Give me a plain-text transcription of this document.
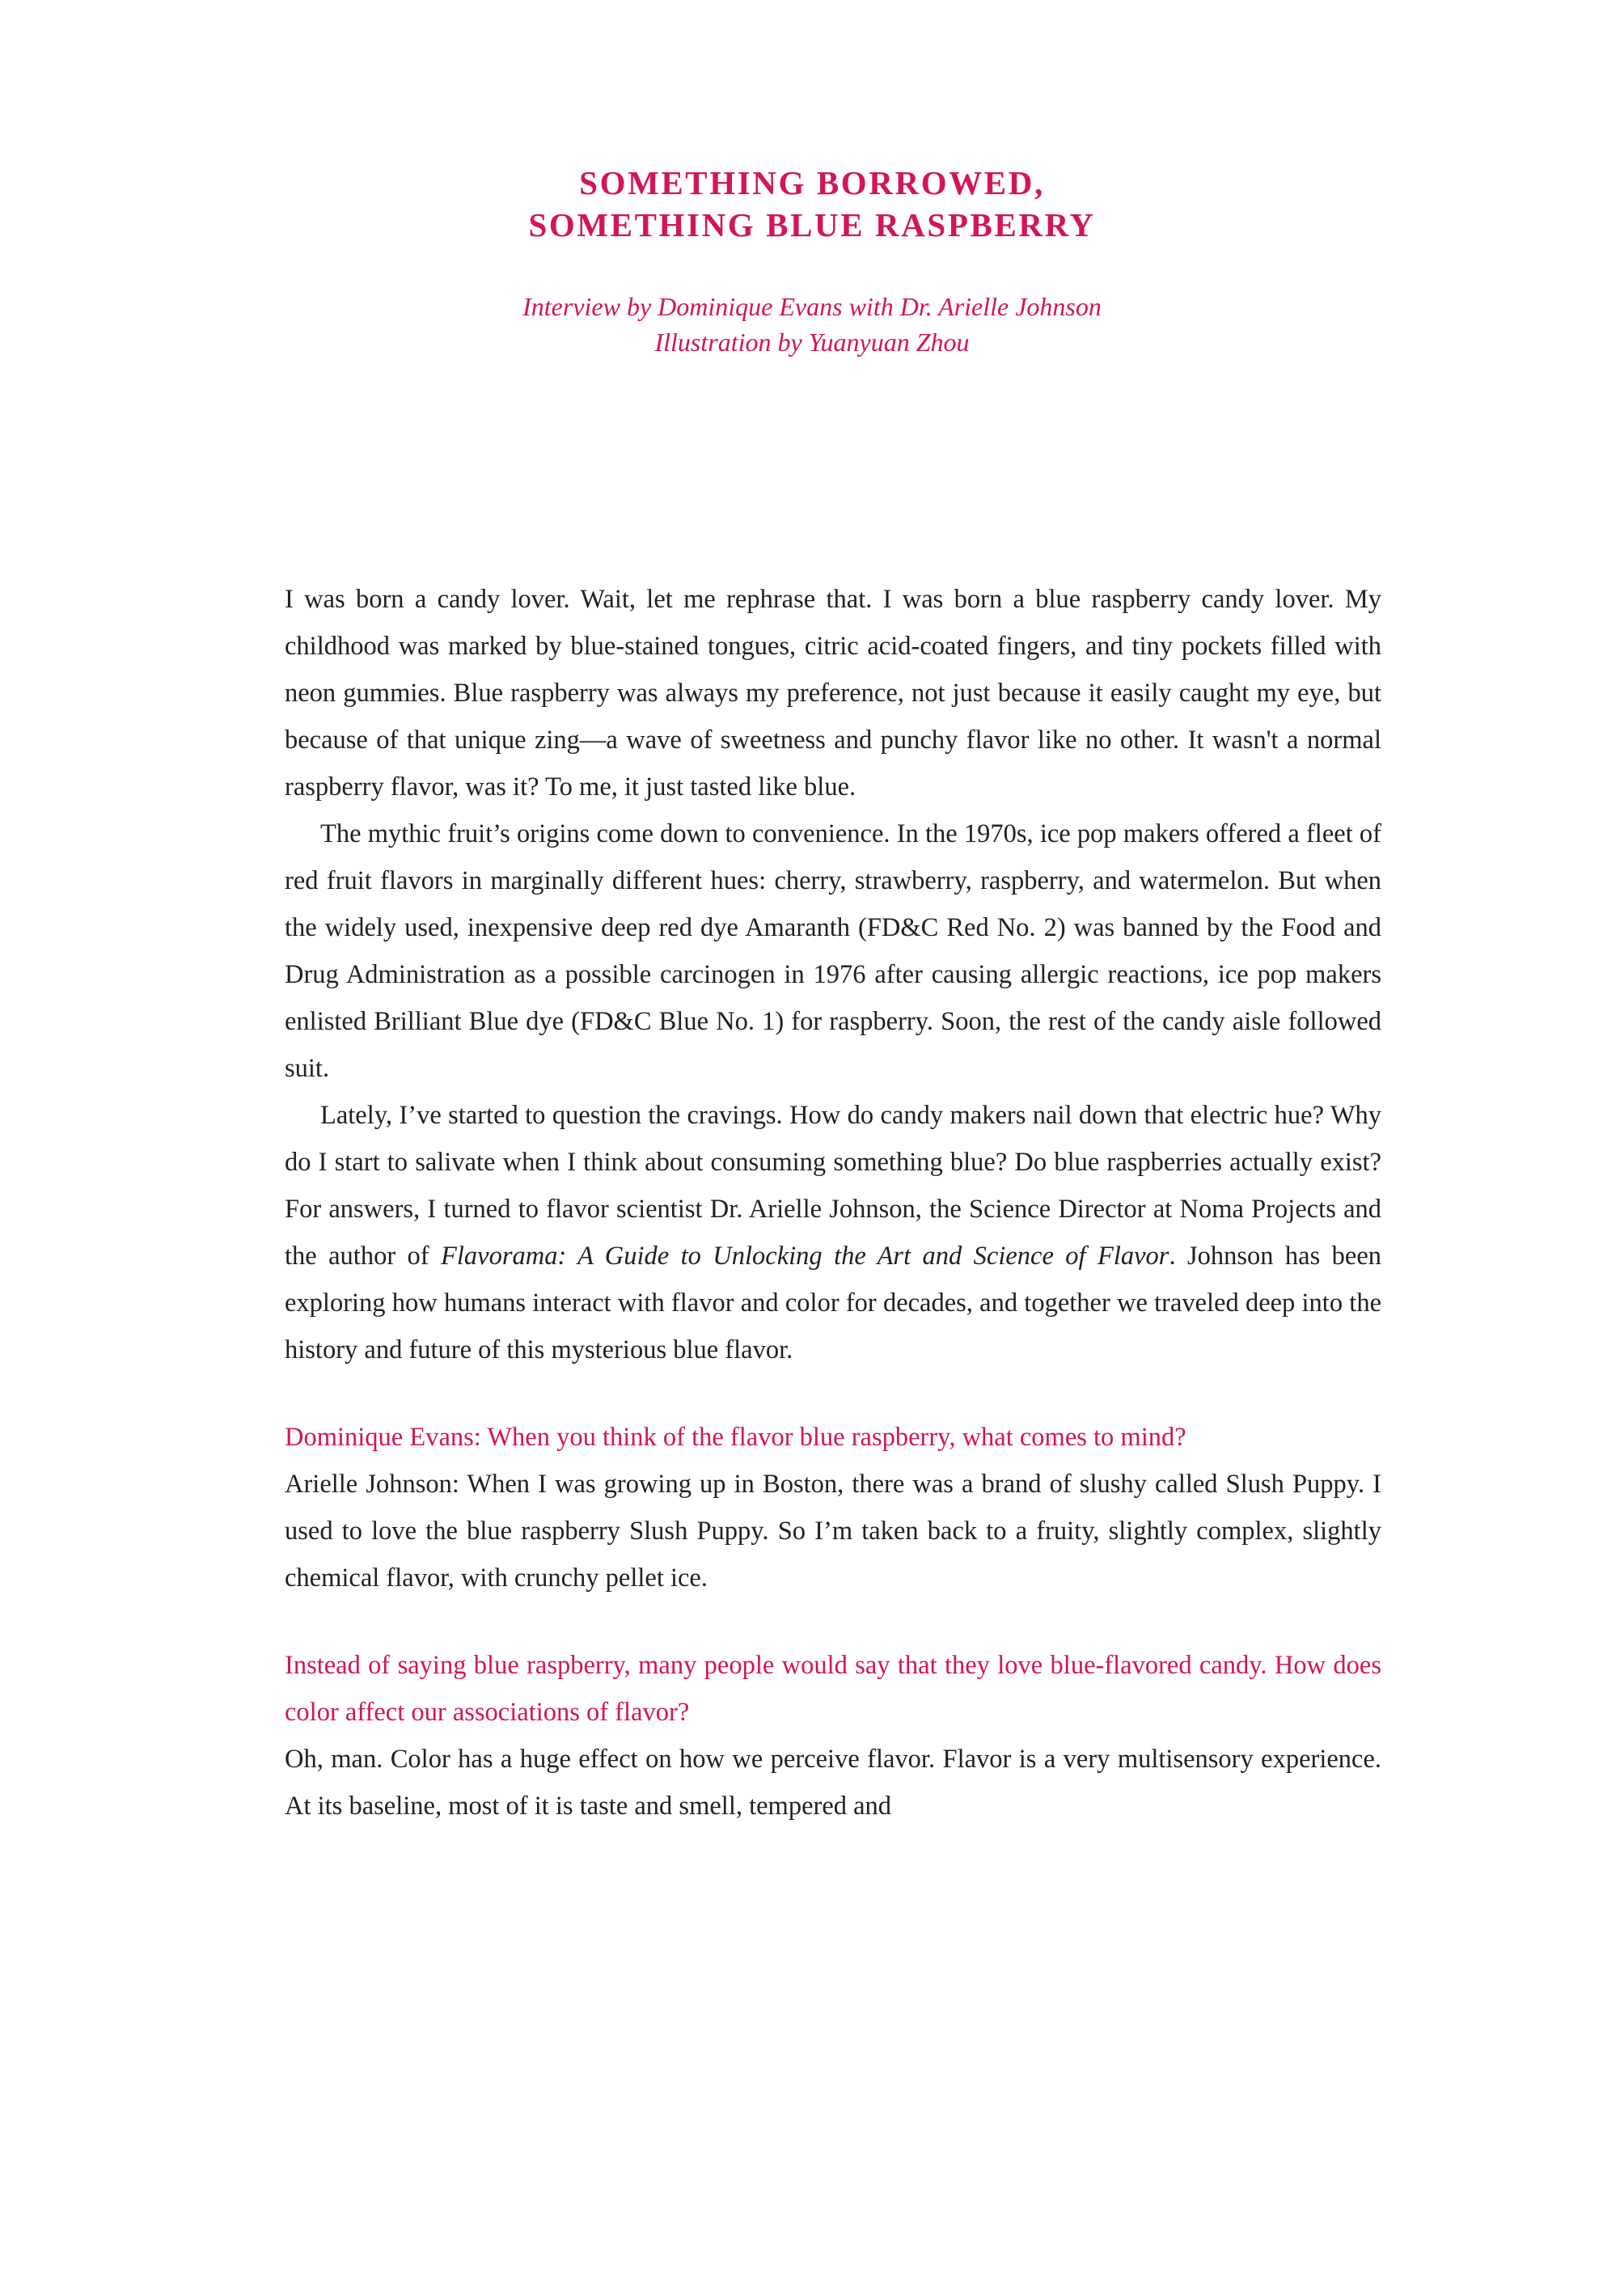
SOMETHING BORROWED,
SOMETHING BLUE RASPBERRY
Interview by Dominique Evans with Dr. Arielle Johnson
Illustration by Yuanyuan Zhou

I was born a candy lover. Wait, let me rephrase that. I was born a blue raspberry candy lover. My childhood was marked by blue-stained tongues, citric acid-coated fingers, and tiny pockets filled with neon gummies. Blue raspberry was always my preference, not just because it easily caught my eye, but because of that unique zing—a wave of sweetness and punchy flavor like no other. It wasn't a normal raspberry flavor, was it? To me, it just tasted like blue.

The mythic fruit’s origins come down to convenience. In the 1970s, ice pop makers offered a fleet of red fruit flavors in marginally different hues: cherry, strawberry, raspberry, and watermelon. But when the widely used, inexpensive deep red dye Amaranth (FD&C Red No. 2) was banned by the Food and Drug Administration as a possible carcinogen in 1976 after causing allergic reactions, ice pop makers enlisted Brilliant Blue dye (FD&C Blue No. 1) for raspberry. Soon, the rest of the candy aisle followed suit.

Lately, I’ve started to question the cravings. How do candy makers nail down that electric hue? Why do I start to salivate when I think about consuming something blue? Do blue raspberries actually exist? For answers, I turned to flavor scientist Dr. Arielle Johnson, the Science Director at Noma Projects and the author of Flavorama: A Guide to Unlocking the Art and Science of Flavor. Johnson has been exploring how humans interact with flavor and color for decades, and together we traveled deep into the history and future of this mysterious blue flavor.

Dominique Evans: When you think of the flavor blue raspberry, what comes to mind?

Arielle Johnson: When I was growing up in Boston, there was a brand of slushy called Slush Puppy. I used to love the blue raspberry Slush Puppy. So I’m taken back to a fruity, slightly complex, slightly chemical flavor, with crunchy pellet ice.

Instead of saying blue raspberry, many people would say that they love blue-flavored candy. How does color affect our associations of flavor?

Oh, man. Color has a huge effect on how we perceive flavor. Flavor is a very multisensory experience. At its baseline, most of it is taste and smell, tempered and
